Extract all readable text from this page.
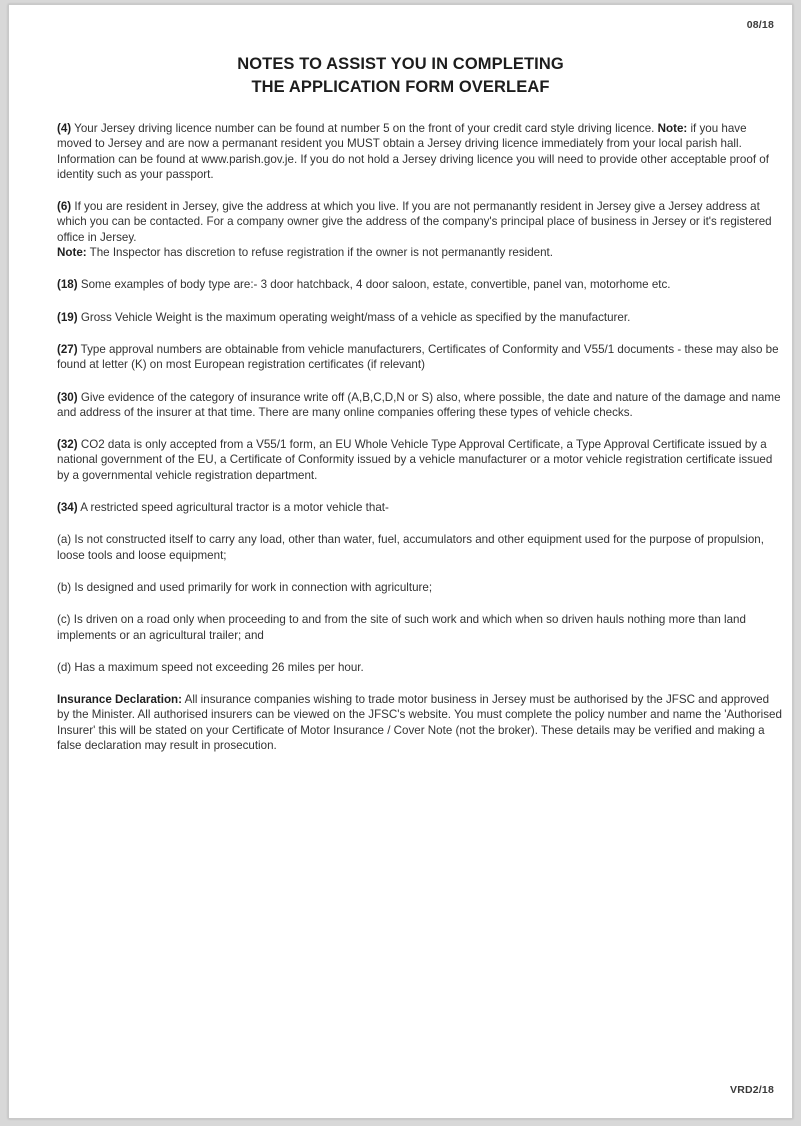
08/18
NOTES TO ASSIST YOU IN COMPLETING
THE APPLICATION FORM OVERLEAF

(4) Your Jersey driving licence number can be found at number 5 on the front of your credit card style driving licence. Note: if you have moved to Jersey and are now a permanant resident you MUST obtain a Jersey driving licence immediately from your local parish hall. Information can be found at www.parish.gov.je. If you do not hold a Jersey driving licence you will need to provide other acceptable proof of identity such as your passport.

(6) If you are resident in Jersey, give the address at which you live. If you are not permanantly resident in Jersey give a Jersey address at which you can be contacted. For a company owner give the address of the company's principal place of business in Jersey or it's registered office in Jersey.

Note: The Inspector has discretion to refuse registration if the owner is not permanantly resident.

(18) Some examples of body type are:- 3 door hatchback, 4 door saloon, estate, convertible, panel van, motorhome etc.

(19) Gross Vehicle Weight is the maximum operating weight/mass of a vehicle as specified by the manufacturer.

(27) Type approval numbers are obtainable from vehicle manufacturers, Certificates of Conformity and V55/1 documents - these may also be found at letter (K) on most European registration certificates (if relevant)

(30) Give evidence of the category of insurance write off (A,B,C,D,N or S) also, where possible, the date and nature of the damage and name and address of the insurer at that time. There are many online companies offering these types of vehicle checks.

(32) CO2 data is only accepted from a V55/1 form, an EU Whole Vehicle Type Approval Certificate, a Type Approval Certificate issued by a national government of the EU, a Certificate of Conformity issued by a vehicle manufacturer or a motor vehicle registration certificate issued by a governmental vehicle registration department.

(34) A restricted speed agricultural tractor is a motor vehicle that-

(a) Is not constructed itself to carry any load, other than water, fuel, accumulators and other equipment used for the purpose of propulsion, loose tools and loose equipment;

(b) Is designed and used primarily for work in connection with agriculture;

(c) Is driven on a road only when proceeding to and from the site of such work and which when so driven hauls nothing more than land implements or an agricultural trailer; and

(d) Has a maximum speed not exceeding 26 miles per hour.

Insurance Declaration: All insurance companies wishing to trade motor business in Jersey must be authorised by the JFSC and approved by the Minister. All authorised insurers can be viewed on the JFSC's website. You must complete the policy number and name the 'Authorised Insurer' this will be stated on your Certificate of Motor Insurance / Cover Note (not the broker). These details may be verified and making a false declaration may result in prosecution.

VRD2/18
